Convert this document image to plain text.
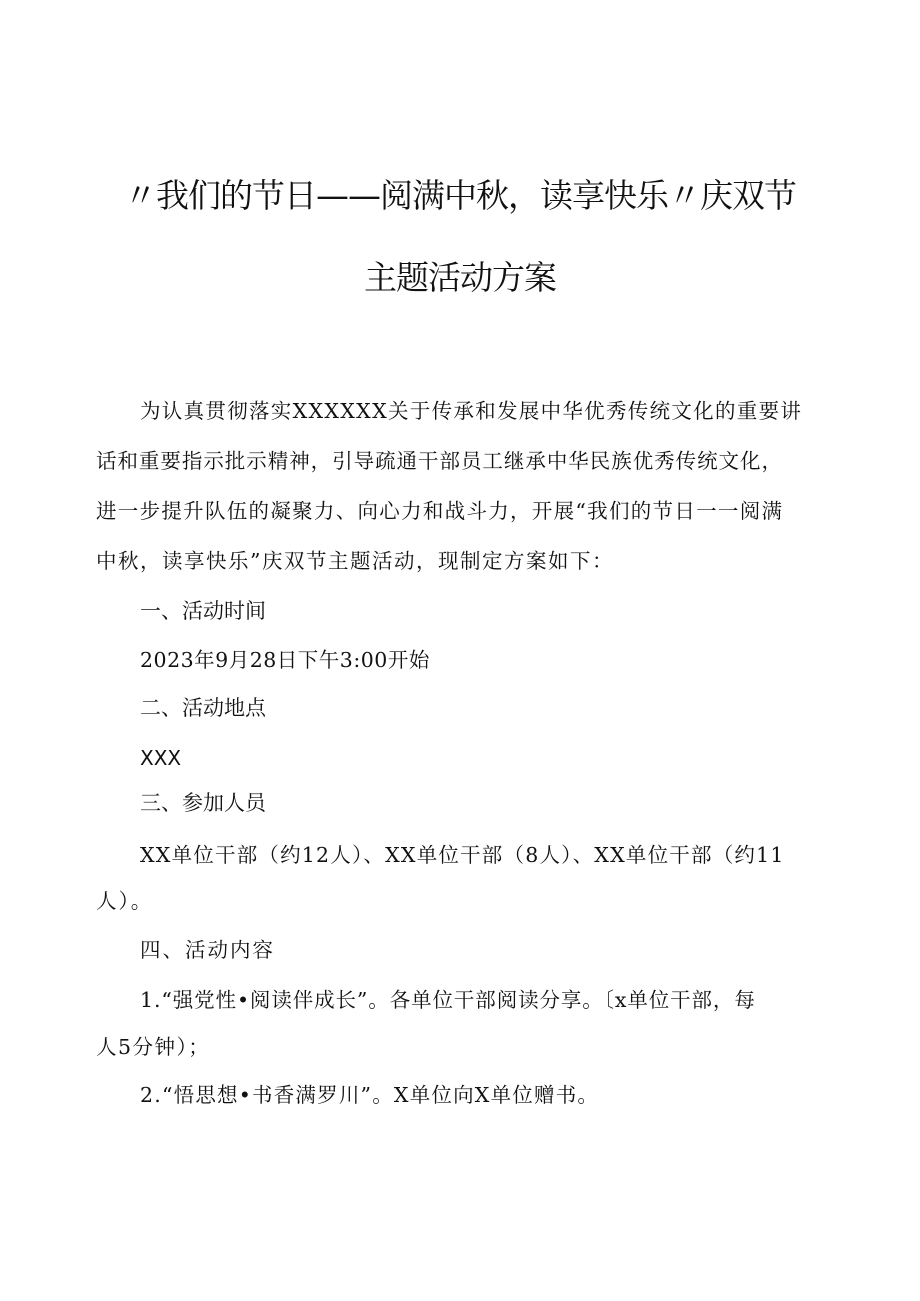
〃我们的节日——阅满中秋，读享快乐〃庆双节
主题活动方案
为认真贯彻落实XXXXXX关于传承和发展中华优秀传统文化的重要讲
话和重要指示批示精神，引导疏通干部员工继承中华民族优秀传统文化，
进一步提升队伍的凝聚力、向心力和战斗力，开展“我们的节日一一阅满
中秋，读享快乐”庆双节主题活动，现制定方案如下：
一、活动时间
2023年9月28日下午3:00开始
二、活动地点
XXX
三、参加人员
XX单位干部（约12人）、XX单位干部（8人）、XX单位干部（约11
人）。
四、活动内容
1.“强党性•阅读伴成长”。各单位干部阅读分享。〔x单位干部，每
人5分钟）；
2.“悟思想•书香满罗川”。X单位向X单位赠书。
